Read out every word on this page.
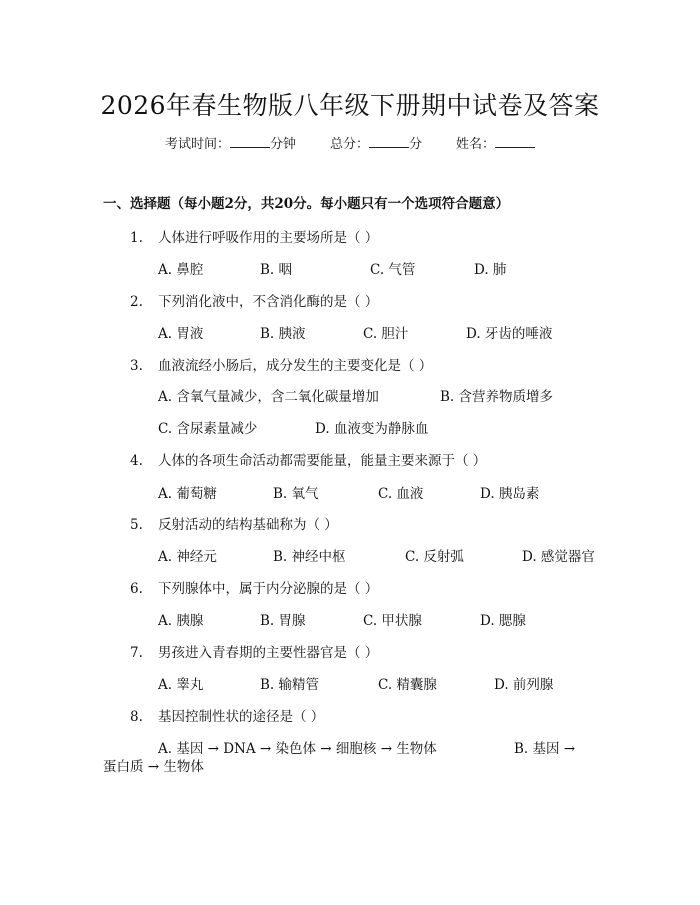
2026年春生物版八年级下册期中试卷及答案
考试时间：	分钟	总分：	分	姓名：
一、选择题（每小题2分，共20分。每小题只有一个选项符合题意）
1. 人体进行呼吸作用的主要场所是（ ）
A. 鼻腔	B. 咽	C. 气管	D. 肺
2. 下列消化液中，不含消化酶的是（ ）
A. 胃液	B. 胰液	C. 胆汁	D. 牙齿的唾液
3. 血液流经小肠后，成分发生的主要变化是（ ）
A. 含氧气量减少，含二氧化碳量增加	B. 含营养物质增多
C. 含尿素量减少	D. 血液变为静脉血
4. 人体的各项生命活动都需要能量，能量主要来源于（ ）
A. 葡萄糖	B. 氧气	C. 血液	D. 胰岛素
5. 反射活动的结构基础称为（ ）
A. 神经元	B. 神经中枢	C. 反射弧	D. 感觉器官
6. 下列腺体中，属于内分泌腺的是（ ）
A. 胰腺	B. 胃腺	C. 甲状腺	D. 腮腺
7. 男孩进入青春期的主要性器官是（ ）
A. 睾丸	B. 输精管	C. 精囊腺	D. 前列腺
8. 基因控制性状的途径是（ ）
A. 基因 → DNA → 染色体 → 细胞核 → 生物体	B. 基因 →
蛋白质 → 生物体
